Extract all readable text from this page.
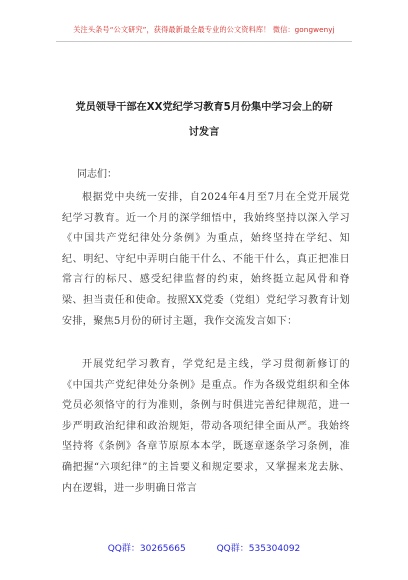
关注头条号“公文研究”，获得最新最全最专业的公文资料库！ 微信：gongwenyj
党员领导干部在XX党纪学习教育5月份集中学习会上的研
讨发言
同志们：

根据党中央统一安排，自2024年4月至7月在全党开展党纪学习教育。近一个月的深学细悟中，我始终坚持以深入学习《中国共产党纪律处分条例》为重点，始终坚持在学纪、知纪、明纪、守纪中弄明白能干什么、不能干什么，真正把准日常言行的标尺、感受纪律监督的约束，始终挺立起风骨和脊梁、担当责任和使命。按照XX党委（党组）党纪学习教育计划安排，聚焦5月份的研讨主题，我作交流发言如下：

开展党纪学习教育，学党纪是主线，学习贯彻新修订的《中国共产党纪律处分条例》是重点。作为各级党组织和全体党员必须恪守的行为准则，条例与时俱进完善纪律规范，进一步严明政治纪律和政治规矩，带动各项纪律全面从严。我始终坚持将《条例》各章节原原本本学，既逐章逐条学习条例，准确把握“六项纪律”的主旨要义和规定要求，又掌握来龙去脉、内在逻辑，进一步明确日常言

QQ群：30265665	QQ群：535304092
